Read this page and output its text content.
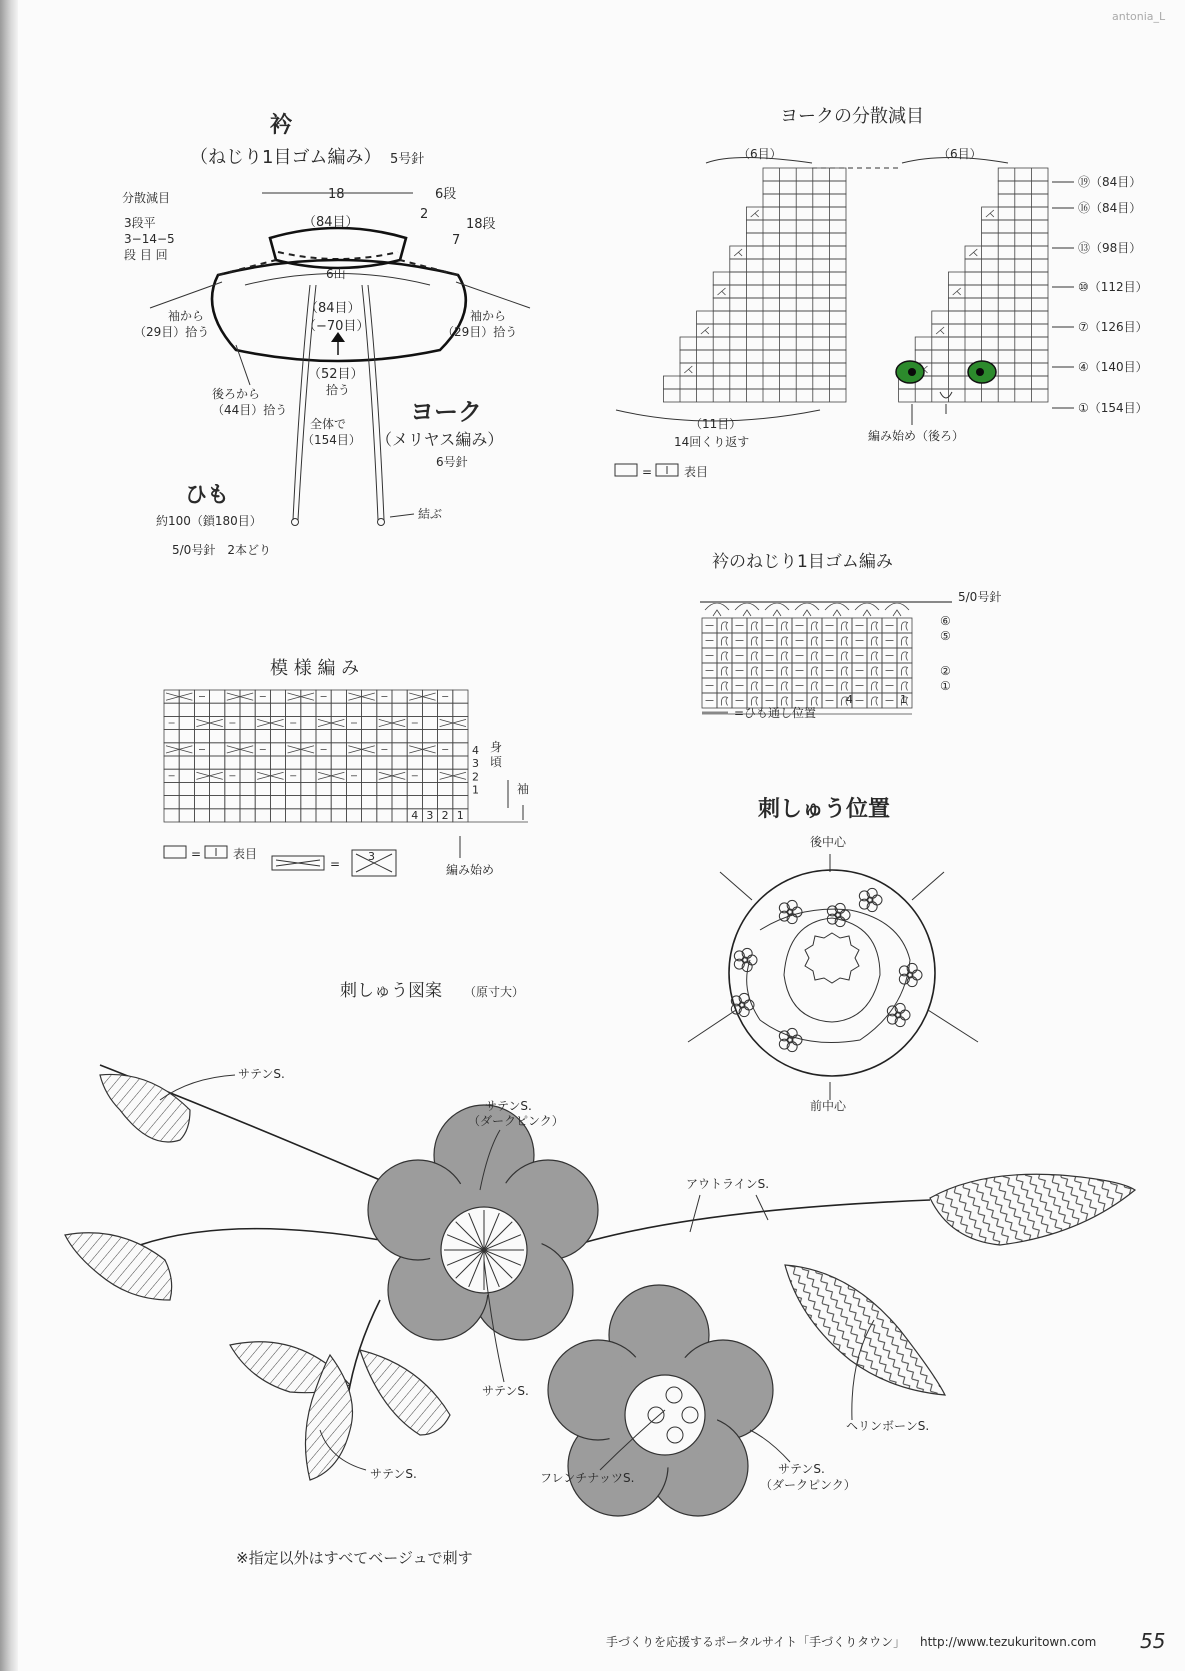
antonia_L
衿
（ねじり1目ゴム編み） 5号針
18	6段
18段
2
7
分散減目
3段平
3−14−5
段 目 回
（84目）
6山
（84目）
（−70目）
袖から
（29目）拾う
袖から
（29目）拾う
（52目）
拾う
後ろから
（44目）拾う
全体で
（154目）
ヨーク
（メリヤス編み）
6号針
ひも
約100（鎖180目）
5/0号針　2本どり
結ぶ
ヨークの分散減目
（6目）	（6目）
⑲（84目）
⑯（84目）
⑬（98目）
⑩（112目）
⑦（126目）
④（140目）
①（154目）
（11目）
14回くり返す	編み始め（後ろ）
=	表目
衿のねじり1目ゴム編み
5/0号針
⑥
⑤
②
①
4	1
=ひも通し位置
模 様 編 み
4
3
2
1
4 3 2 1
身
頃
袖
編み始め
=	表目
=
3
刺しゅう位置
後中心
前中心
刺しゅう図案 （原寸大）
サテンS.
サテンS.
（ダークピンク）
アウトラインS.
サテンS.
サテンS.
ヘリンボーンS.
フレンチナッツS.
サテンS.
（ダークピンク）
※指定以外はすべてベージュで刺す
手づくりを応援するポータルサイト「手づくりタウン」 http://www.tezukuritown.com 55
